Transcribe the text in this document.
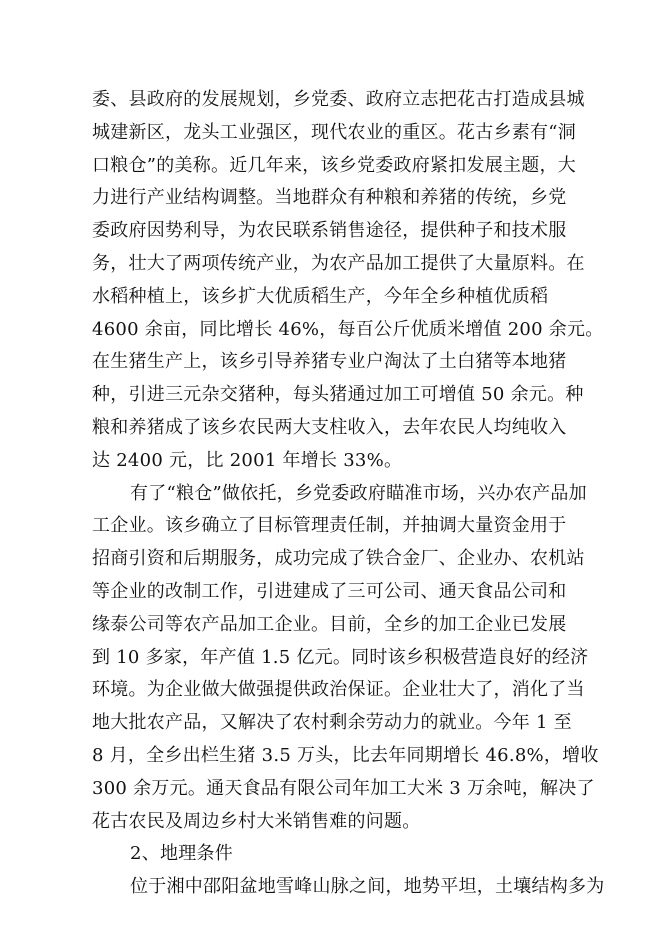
委、县政府的发展规划，乡党委、政府立志把花古打造成县城
城建新区，龙头工业强区，现代农业的重区。花古乡素有“洞
口粮仓”的美称。近几年来，该乡党委政府紧扣发展主题，大
力进行产业结构调整。当地群众有种粮和养猪的传统，乡党
委政府因势利导，为农民联系销售途径，提供种子和技术服
务，壮大了两项传统产业，为农产品加工提供了大量原料。在
水稻种植上，该乡扩大优质稻生产，今年全乡种植优质稻
4600 余亩，同比增长 46%，每百公斤优质米增值 200 余元。
在生猪生产上，该乡引导养猪专业户淘汰了土白猪等本地猪
种，引进三元杂交猪种，每头猪通过加工可增值 50 余元。种
粮和养猪成了该乡农民两大支柱收入，去年农民人均纯收入
达 2400 元，比 2001 年增长 33%。
有了“粮仓”做依托，乡党委政府瞄准市场，兴办农产品加
工企业。该乡确立了目标管理责任制，并抽调大量资金用于
招商引资和后期服务，成功完成了铁合金厂、企业办、农机站
等企业的改制工作，引进建成了三可公司、通天食品公司和
缘泰公司等农产品加工企业。目前，全乡的加工企业已发展
到 10 多家，年产值 1.5 亿元。同时该乡积极营造良好的经济
环境。为企业做大做强提供政治保证。企业壮大了，消化了当
地大批农产品，又解决了农村剩余劳动力的就业。今年 1 至
8 月，全乡出栏生猪 3.5 万头，比去年同期增长 46.8%，增收
300 余万元。通天食品有限公司年加工大米 3 万余吨，解决了
花古农民及周边乡村大米销售难的问题。
2、地理条件
位于湘中邵阳盆地雪峰山脉之间，地势平坦，土壤结构多为
